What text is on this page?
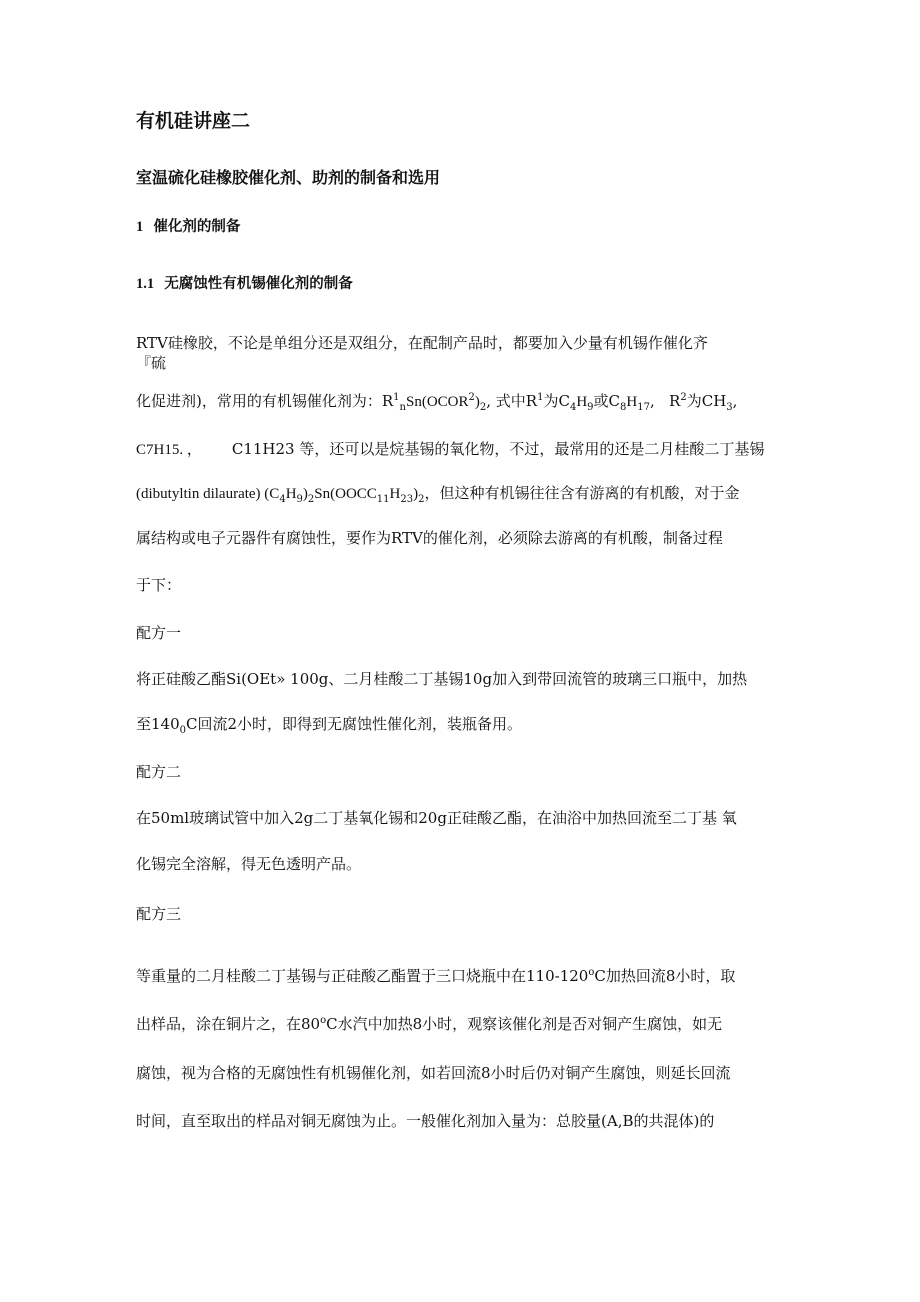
有机硅讲座二
室温硫化硅橡胶催化剂、助剂的制备和选用
1 催化剂的制备
1.1 无腐蚀性有机锡催化剂的制备
RTV硅橡胶，不论是单组分还是双组分，在配制产品时，都要加入少量有机锡作催化齐
『硫
化促进剂)，常用的有机锡催化剂为：$R^1_nSn(OCOR^2)_2$, 式中$R^1$为$C_4H_9$或$C_8H_{17}$,   $R^2$为$CH_3$,
C7H15. ， C11H23 等，还可以是烷基锡的氧化物，不过，最常用的还是二月桂酸二丁基锡
(dibutyltin dilaurate) $(C_4H_9)_2Sn(OOCC_{11}H_{23})_2$，但这种有机锡往往含有游离的有机酸，对于金
属结构或电子元器件有腐蚀性，要作为RTV的催化剂，必须除去游离的有机酸，制备过程
于下：
配方一
将正硅酸乙酯Si(OEt» 100g、二月桂酸二丁基锡10g加入到带回流管的玻璃三口瓶中，加热
至$140_0C$回流2小时，即得到无腐蚀性催化剂，装瓶备用。
配方二
在50ml玻璃试管中加入2g二丁基氧化锡和20g正硅酸乙酯，在油浴中加热回流至二丁基 氧
化锡完全溶解，得无色透明产品。
配方三
等重量的二月桂酸二丁基锡与正硅酸乙酯置于三口烧瓶中在110-120$^o$C加热回流8小时，取
出样品，涂在铜片之，在80$^o$C水汽中加热8小时，观察该催化剂是否对铜产生腐蚀，如无
腐蚀，视为合格的无腐蚀性有机锡催化剂，如若回流8小时后仍对铜产生腐蚀，则延长回流
时间，直至取出的样品对铜无腐蚀为止。一般催化剂加入量为：总胶量(A,B的共混体)的
